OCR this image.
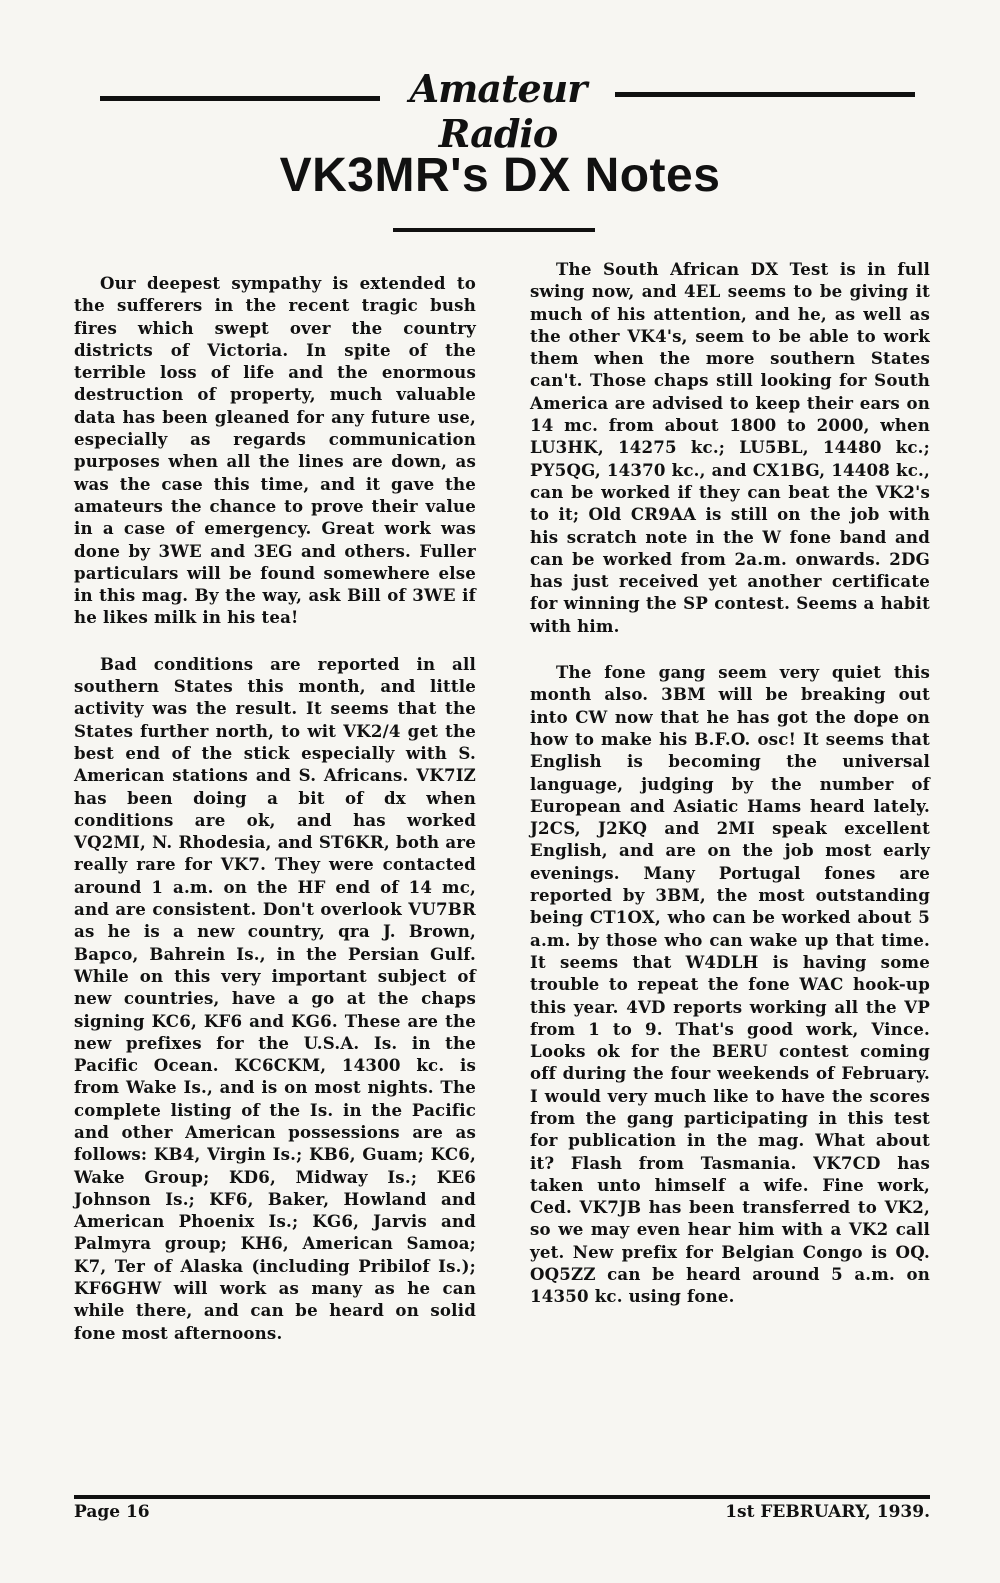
Amateur Radio
VK3MR's DX Notes

Our deepest sympathy is extended to the sufferers in the recent tragic bush fires which swept over the country districts of Victoria. In spite of the terrible loss of life and the enormous destruction of property, much valuable data has been gleaned for any future use, especially as regards communication purposes when all the lines are down, as was the case this time, and it gave the amateurs the chance to prove their value in a case of emergency. Great work was done by 3WE and 3EG and others. Fuller particulars will be found somewhere else in this mag. By the way, ask Bill of 3WE if he likes milk in his tea!

Bad conditions are reported in all southern States this month, and little activity was the result. It seems that the States further north, to wit VK2/4 get the best end of the stick especially with S. American stations and S. Africans. VK7IZ has been doing a bit of dx when conditions are ok, and has worked VQ2MI, N. Rhodesia, and ST6KR, both are really rare for VK7. They were contacted around 1 a.m. on the HF end of 14 mc, and are consistent. Don't overlook VU7BR as he is a new country, qra J. Brown, Bapco, Bahrein Is., in the Persian Gulf. While on this very important subject of new countries, have a go at the chaps signing KC6, KF6 and KG6. These are the new prefixes for the U.S.A. Is. in the Pacific Ocean. KC6CKM, 14300 kc. is from Wake Is., and is on most nights. The complete listing of the Is. in the Pacific and other American possessions are as follows: KB4, Virgin Is.; KB6, Guam; KC6, Wake Group; KD6, Midway Is.; KE6 Johnson Is.; KF6, Baker, Howland and American Phoenix Is.; KG6, Jarvis and Palmyra group; KH6, American Samoa; K7, Ter of Alaska (including Pribilof Is.); KF6GHW will work as many as he can while there, and can be heard on solid fone most afternoons.

The South African DX Test is in full swing now, and 4EL seems to be giving it much of his attention, and he, as well as the other VK4's, seem to be able to work them when the more southern States can't. Those chaps still looking for South America are advised to keep their ears on 14 mc. from about 1800 to 2000, when LU3HK, 14275 kc.; LU5BL, 14480 kc.; PY5QG, 14370 kc., and CX1BG, 14408 kc., can be worked if they can beat the VK2's to it; Old CR9AA is still on the job with his scratch note in the W fone band and can be worked from 2a.m. onwards. 2DG has just received yet another certificate for winning the SP contest. Seems a habit with him.

The fone gang seem very quiet this month also. 3BM will be breaking out into CW now that he has got the dope on how to make his B.F.O. osc! It seems that English is becoming the universal language, judging by the number of European and Asiatic Hams heard lately. J2CS, J2KQ and 2MI speak excellent English, and are on the job most early evenings. Many Portugal fones are reported by 3BM, the most outstanding being CT1OX, who can be worked about 5 a.m. by those who can wake up that time. It seems that W4DLH is having some trouble to repeat the fone WAC hook-up this year. 4VD reports working all the VP from 1 to 9. That's good work, Vince. Looks ok for the BERU contest coming off during the four weekends of February. I would very much like to have the scores from the gang participating in this test for publication in the mag. What about it? Flash from Tasmania. VK7CD has taken unto himself a wife. Fine work, Ced. VK7JB has been transferred to VK2, so we may even hear him with a VK2 call yet. New prefix for Belgian Congo is OQ. OQ5ZZ can be heard around 5 a.m. on 14350 kc. using fone.

Page 16	1st FEBRUARY, 1939.
